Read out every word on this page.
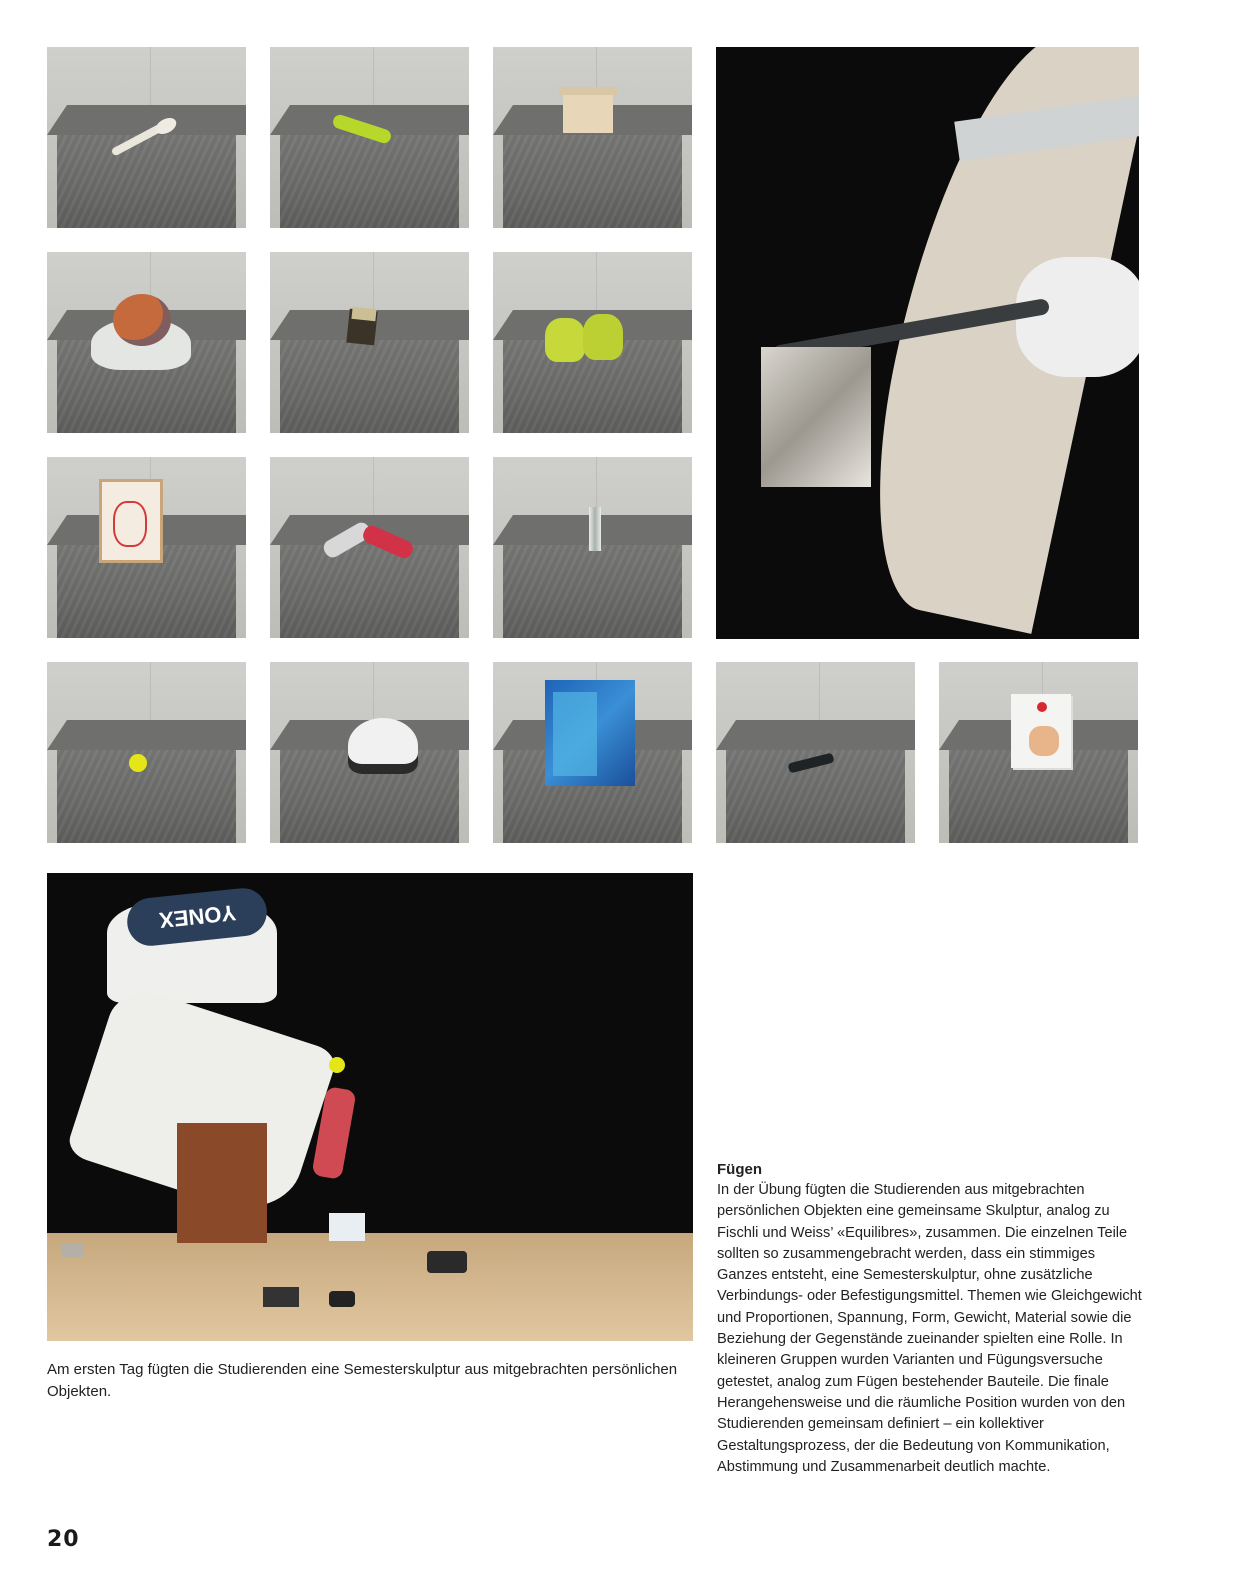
YONEX
Am ersten Tag fügten die Studierenden eine Semesterskulptur aus mitgebrachten persönlichen Objekten.
Fügen

In der Übung fügten die Studierenden aus mitgebrachten persönlichen Objekten eine gemeinsame Skulptur, analog zu Fischli und Weiss’ «Equilibres», zusammen. Die einzelnen Teile sollten so zusammengebracht werden, dass ein stimmiges Ganzes entsteht, eine Semesterskulptur, ohne zusätzliche Verbindungs- oder Befestigungsmittel. Themen wie Gleichgewicht und Proportionen, Spannung, Form, Gewicht, Material sowie die Beziehung der Gegenstände zueinander spielten eine Rolle. In kleineren Gruppen wurden Varianten und Fügungsversuche getestet, analog zum Fügen bestehender Bauteile. Die finale Herangehensweise und die räumliche Position wurden von den Studierenden gemeinsam definiert – ein kollektiver Gestaltungsprozess, der die Bedeutung von Kommunikation, Abstimmung und Zusammenarbeit deutlich machte.

20
